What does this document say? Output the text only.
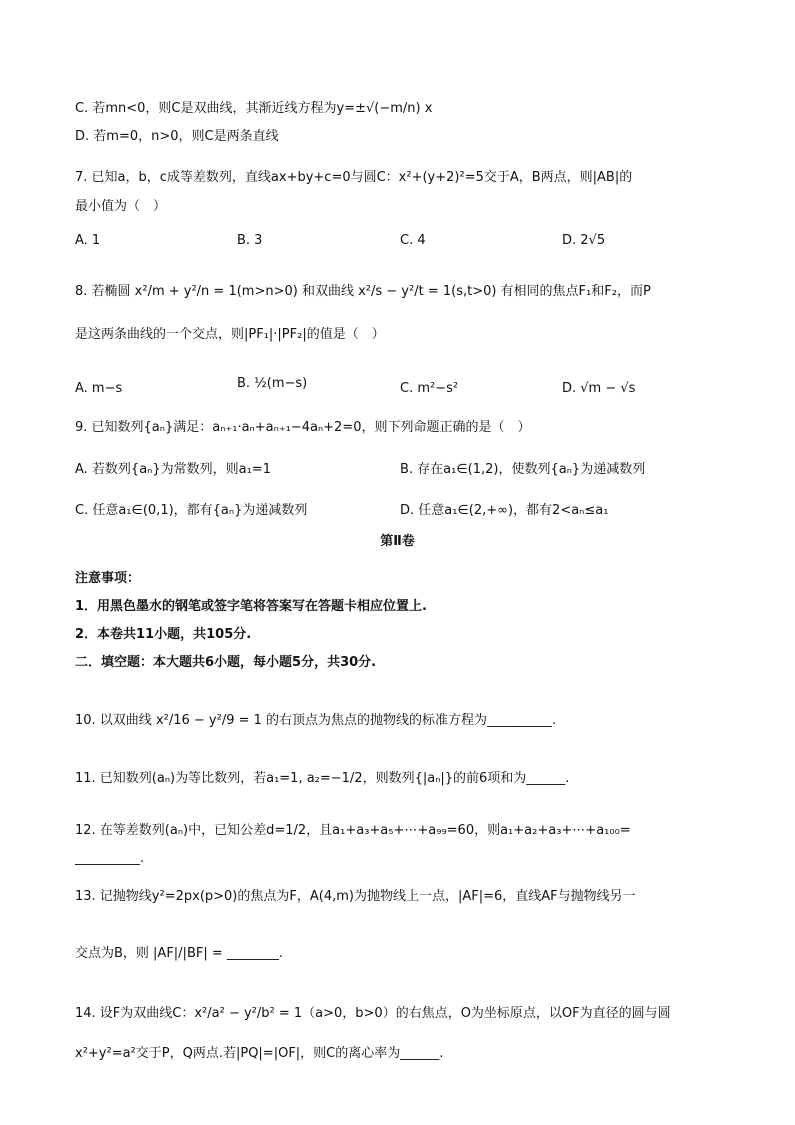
C. 若mn<0，则C是双曲线，其渐近线方程为y=±√(−m/n) x
D. 若m=0，n>0，则C是两条直线
7. 已知a，b，c成等差数列，直线ax+by+c=0与圆C：x²+(y+2)²=5交于A，B两点，则|AB|的
最小值为（　）
8. 若椭圆 x²/m + y²/n = 1(m>n>0) 和双曲线 x²/s − y²/t = 1(s,t>0) 有相同的焦点F₁和F₂，而P
是这两条曲线的一个交点，则|PF₁|·|PF₂|的值是（　）
9. 已知数列{aₙ}满足：aₙ₊₁·aₙ+aₙ₊₁−4aₙ+2=0，则下列命题正确的是（　）
注意事项：
1．用黑色墨水的钢笔或签字笔将答案写在答题卡相应位置上.
2．本卷共11小题，共105分.
二．填空题：本大题共6小题，每小题5分，共30分.
10. 以双曲线 x²/16 − y²/9 = 1 的右顶点为焦点的抛物线的标准方程为__________.
11. 已知数列(aₙ)为等比数列，若a₁=1, a₂=−1/2，则数列{|aₙ|}的前6项和为______.
12. 在等差数列(aₙ)中，已知公差d=1/2，且a₁+a₃+a₅+⋯+a₉₉=60，则a₁+a₂+a₃+⋯+a₁₀₀=
__________.
13. 记抛物线y²=2px(p>0)的焦点为F，A(4,m)为抛物线上一点，|AF|=6，直线AF与抛物线另一
交点为B，则 |AF|/|BF| = ________.
14. 设F为双曲线C：x²/a² − y²/b² = 1（a>0，b>0）的右焦点，O为坐标原点，以OF为直径的圆与圆
x²+y²=a²交于P，Q两点.若|PQ|=|OF|，则C的离心率为______.
A. 1	B. 3	C. 4	D. 2√5
A. m−s	B. ½(m−s)	C. m²−s²	D. √m − √s
A. 若数列{aₙ}为常数列，则a₁=1	B. 存在a₁∈(1,2)，使数列{aₙ}为递减数列
C. 任意a₁∈(0,1)，都有{aₙ}为递减数列	D. 任意a₁∈(2,+∞)，都有2<aₙ≤a₁
第Ⅱ卷
